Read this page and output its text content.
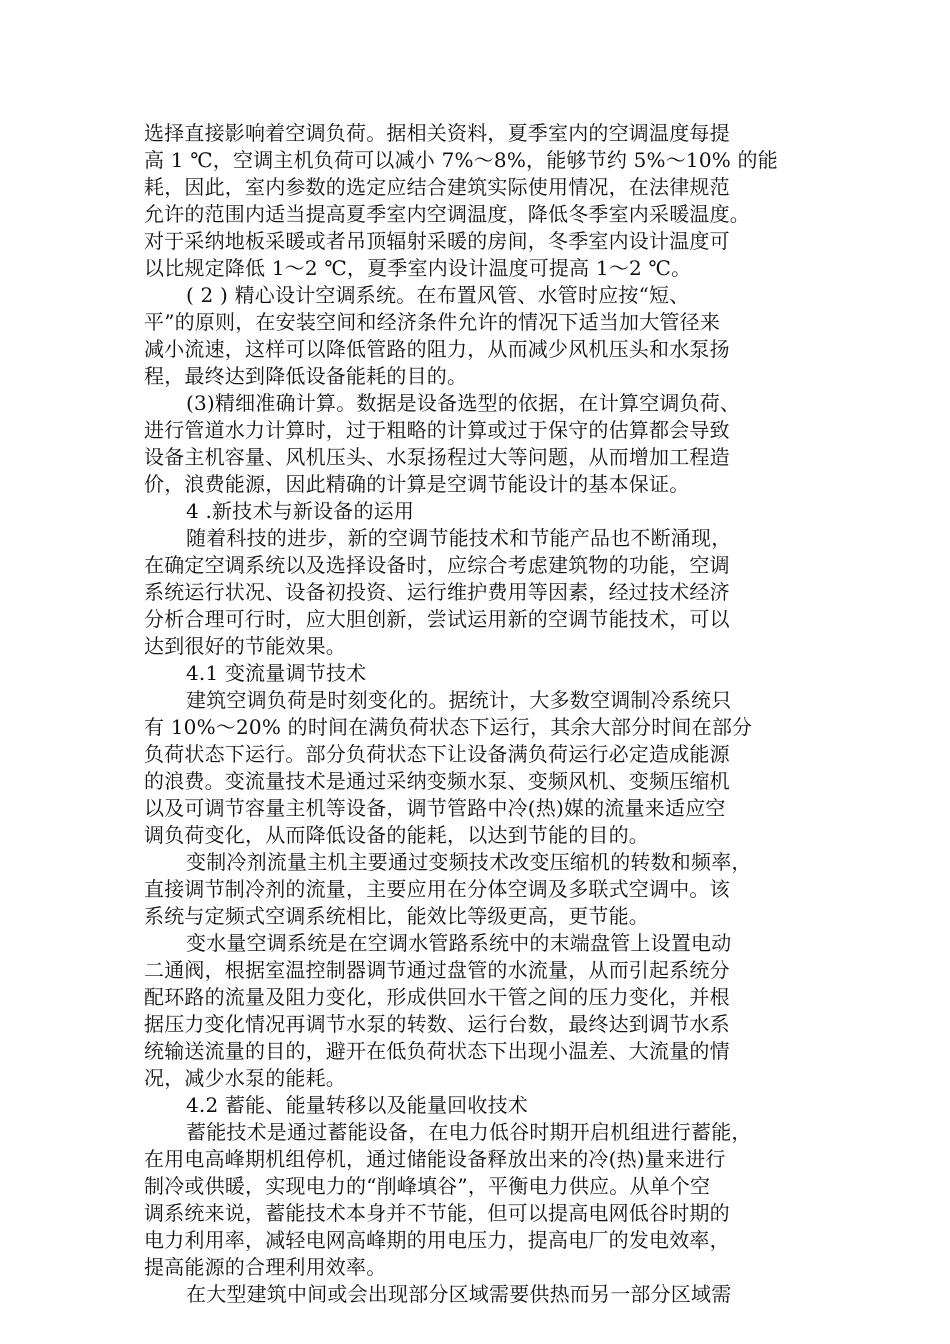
选择直接影响着空调负荷。据相关资料，夏季室内的空调温度每提
高 1 ℃，空调主机负荷可以减小 7%～8%，能够节约 5%～10% 的能
耗，因此，室内参数的选定应结合建筑实际使用情况，在法律规范
允许的范围内适当提高夏季室内空调温度，降低冬季室内采暖温度。
对于采纳地板采暖或者吊顶辐射采暖的房间，冬季室内设计温度可
以比规定降低 1～2 ℃，夏季室内设计温度可提高 1～2 ℃。
( 2 ) 精心设计空调系统。在布置风管、水管时应按“短、
平”的原则，在安装空间和经济条件允许的情况下适当加大管径来
减小流速，这样可以降低管路的阻力，从而减少风机压头和水泵扬
程，最终达到降低设备能耗的目的。
(3)精细准确计算。数据是设备选型的依据，在计算空调负荷、
进行管道水力计算时，过于粗略的计算或过于保守的估算都会导致
设备主机容量、风机压头、水泵扬程过大等问题，从而增加工程造
价，浪费能源，因此精确的计算是空调节能设计的基本保证。
4 .新技术与新设备的运用
随着科技的进步，新的空调节能技术和节能产品也不断涌现，
在确定空调系统以及选择设备时，应综合考虑建筑物的功能，空调
系统运行状况、设备初投资、运行维护费用等因素，经过技术经济
分析合理可行时，应大胆创新，尝试运用新的空调节能技术，可以
达到很好的节能效果。
4.1 变流量调节技术
建筑空调负荷是时刻变化的。据统计，大多数空调制冷系统只
有 10%～20% 的时间在满负荷状态下运行，其余大部分时间在部分
负荷状态下运行。部分负荷状态下让设备满负荷运行必定造成能源
的浪费。变流量技术是通过采纳变频水泵、变频风机、变频压缩机
以及可调节容量主机等设备，调节管路中冷(热)媒的流量来适应空
调负荷变化，从而降低设备的能耗，以达到节能的目的。
变制冷剂流量主机主要通过变频技术改变压缩机的转数和频率，
直接调节制冷剂的流量，主要应用在分体空调及多联式空调中。该
系统与定频式空调系统相比，能效比等级更高，更节能。
变水量空调系统是在空调水管路系统中的末端盘管上设置电动
二通阀，根据室温控制器调节通过盘管的水流量，从而引起系统分
配环路的流量及阻力变化，形成供回水干管之间的压力变化，并根
据压力变化情况再调节水泵的转数、运行台数，最终达到调节水系
统输送流量的目的，避开在低负荷状态下出现小温差、大流量的情
况，减少水泵的能耗。
4.2 蓄能、能量转移以及能量回收技术
蓄能技术是通过蓄能设备，在电力低谷时期开启机组进行蓄能，
在用电高峰期机组停机，通过储能设备释放出来的冷(热)量来进行
制冷或供暖，实现电力的“削峰填谷”，平衡电力供应。从单个空
调系统来说，蓄能技术本身并不节能，但可以提高电网低谷时期的
电力利用率，减轻电网高峰期的用电压力，提高电厂的发电效率，
提高能源的合理利用效率。
在大型建筑中间或会出现部分区域需要供热而另一部分区域需
